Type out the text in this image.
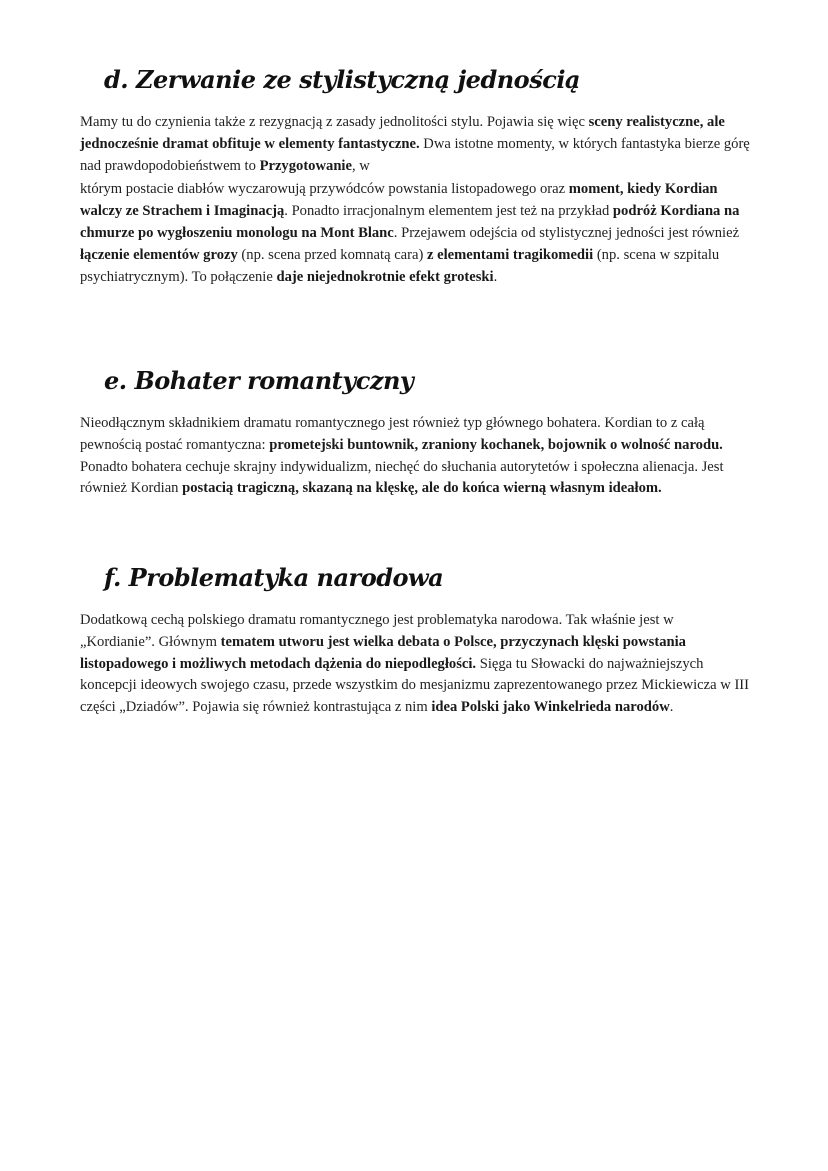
d. Zerwanie ze stylistyczną jednością

Mamy tu do czynienia także z rezygnacją z zasady jednolitości stylu. Pojawia się więc sceny realistyczne, ale jednocześnie dramat obfituje w elementy fantastyczne. Dwa istotne momenty, w których fantastyka bierze górę nad prawdopodobieństwem to Przygotowanie, w

którym postacie diabłów wyczarowują przywódców powstania listopadowego oraz moment, kiedy Kordian walczy ze Strachem i Imaginacją. Ponadto irracjonalnym elementem jest też na przykład podróż Kordiana na chmurze po wygłoszeniu monologu na Mont Blanc. Przejawem odejścia od stylistycznej jedności jest również łączenie elementów grozy (np. scena przed komnatą cara) z elementami tragikomedii (np. scena w szpitalu psychiatrycznym). To połączenie daje niejednokrotnie efekt groteski.

e. Bohater romantyczny

Nieodłącznym składnikiem dramatu romantycznego jest również typ głównego bohatera. Kordian to z całą pewnością postać romantyczna: prometejski buntownik, zraniony kochanek, bojownik o wolność narodu. Ponadto bohatera cechuje skrajny indywidualizm, niechęć do słuchania autorytetów i społeczna alienacja. Jest również Kordian postacią tragiczną, skazaną na klęskę, ale do końca wierną własnym ideałom.

f. Problematyka narodowa

Dodatkową cechą polskiego dramatu romantycznego jest problematyka narodowa. Tak właśnie jest w „Kordianie”. Głównym tematem utworu jest wielka debata o Polsce, przyczynach klęski powstania listopadowego i możliwych metodach dążenia do niepodległości. Sięga tu Słowacki do najważniejszych koncepcji ideowych swojego czasu, przede wszystkim do mesjanizmu zaprezentowanego przez Mickiewicza w III części „Dziadów”. Pojawia się również kontrastująca z nim idea Polski jako Winkelrieda narodów.
